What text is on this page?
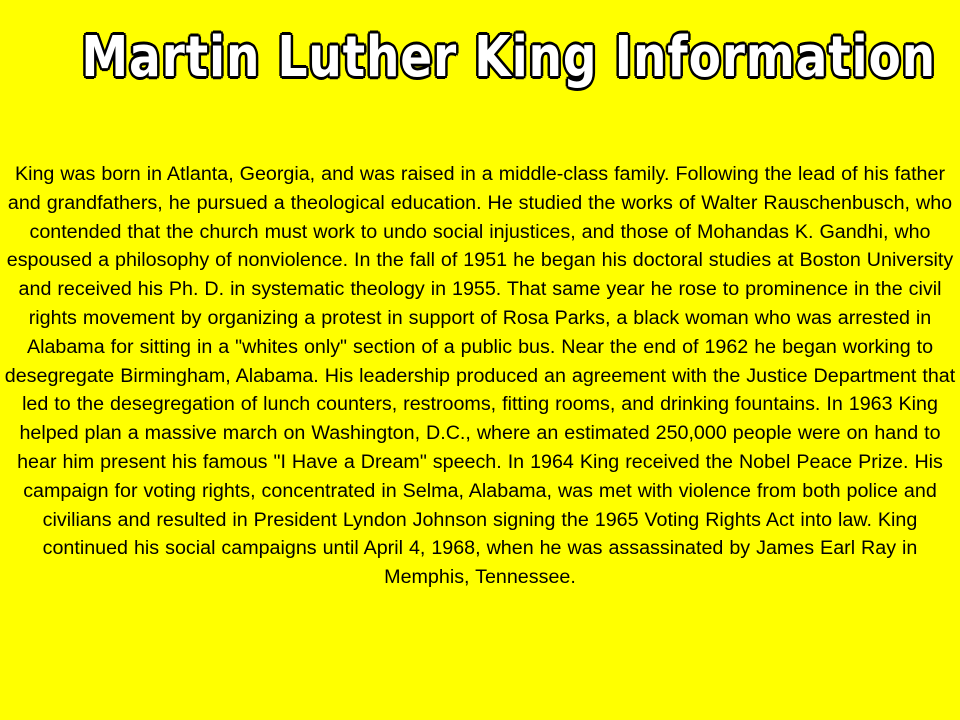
Martin Luther King Information
King was born in Atlanta, Georgia, and was raised in a middle-class family. Following the lead of his father and grandfathers, he pursued a theological education. He studied the works of Walter Rauschenbusch, who contended that the church must work to undo social injustices, and those of Mohandas K. Gandhi, who espoused a philosophy of nonviolence. In the fall of 1951 he began his doctoral studies at Boston University and received his Ph. D. in systematic theology in 1955. That same year he rose to prominence in the civil rights movement by organizing a protest in support of Rosa Parks, a black woman who was arrested in Alabama for sitting in a "whites only" section of a public bus. Near the end of 1962 he began working to desegregate Birmingham, Alabama. His leadership produced an agreement with the Justice Department that led to the desegregation of lunch counters, restrooms, fitting rooms, and drinking fountains. In 1963 King helped plan a massive march on Washington, D.C., where an estimated 250,000 people were on hand to hear him present his famous "I Have a Dream" speech. In 1964 King received the Nobel Peace Prize. His campaign for voting rights, concentrated in Selma, Alabama, was met with violence from both police and civilians and resulted in President Lyndon Johnson signing the 1965 Voting Rights Act into law. King continued his social campaigns until April 4, 1968, when he was assassinated by James Earl Ray in Memphis, Tennessee.
